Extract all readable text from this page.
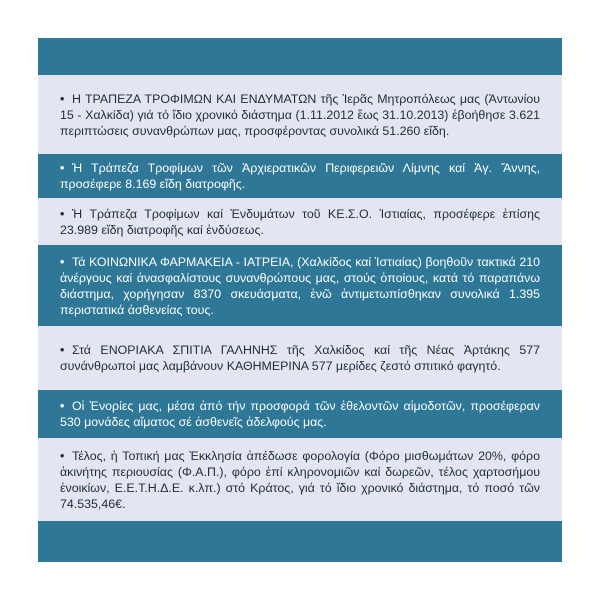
• Η ΤΡΑΠΕΖΑ ΤΡΟΦΙΜΩΝ ΚΑΙ ΕΝΔΥΜΑΤΩΝ τῆς Ἱερᾶς Μητροπόλεως μας (Ἀντωνίου 15 - Χαλκίδα) γιά τό ἴδιο χρονικό διάστημα (1.11.2012 ἕως 31.10.2013) ἐβοήθησε 3.621 περιπτώσεις συνανθρώπων μας, προσφέροντας συνολικά 51.260 εἴδη.
• Ἡ Τράπεζα Τροφίμων τῶν Ἀρχιερατικῶν Περιφερειῶν Λίμνης καί Ἁγ. Ἄννης, προσέφερε 8.169 εἴδη διατροφῆς.
• Ἡ Τράπεζα Τροφίμων καί Ἐνδυμάτων τοῦ ΚΕ.Σ.Ο. Ἱστιαίας, προσέφερε ἐπίσης 23.989 εἴδη διατροφῆς καί ἐνδύσεως.
• Τά ΚΟΙΝΩΝΙΚΑ ΦΑΡΜΑΚΕΙΑ - ΙΑΤΡΕΙΑ, (Χαλκίδος καί Ἱστιαίας) βοηθοῦν τακτικά 210 ἀνέργους καί ἀνασφαλίστους συνανθρώπους μας, στούς ὁποίους, κατά τό παραπάνω διάστημα, χορήγησαν 8370 σκευάσματα, ἐνῶ ἀντιμετωπίσθηκαν συνολικά 1.395 περιστατικά ἀσθενείας τους.
• Στά ΕΝΟΡΙΑΚΑ ΣΠΙΤΙΑ ΓΑΛΗΝΗΣ τῆς Χαλκίδος καί τῆς Νέας Ἀρτάκης 577 συνάνθρωποί μας λαμβάνουν ΚΑΘΗΜΕΡΙΝΑ 577 μερίδες ζεστό σπιτικό φαγητό.
• Οἱ Ἐνορίες μας, μέσα ἀπό τήν προσφορά τῶν ἐθελοντῶν αἱμοδοτῶν, προσέφεραν 530 μονάδες αἵματος σέ ἀσθενεῖς ἀδελφούς μας.
• Τέλος, ἡ Τοπική μας Ἐκκλησία ἀπέδωσε φορολογία (Φόρο μισθωμάτων 20%, φόρο ἀκινήτης περιουσίας (Φ.Α.Π.), φόρο ἐπί κληρονομιῶν καί δωρεῶν, τέλος χαρτοσήμου ἐνοικίων, Ε.Ε.Τ.Η.Δ.Ε. κ.λπ.) στό Κράτος, γιά τό ἴδιο χρονικό διάστημα, τό ποσό τῶν 74.535,46€.
